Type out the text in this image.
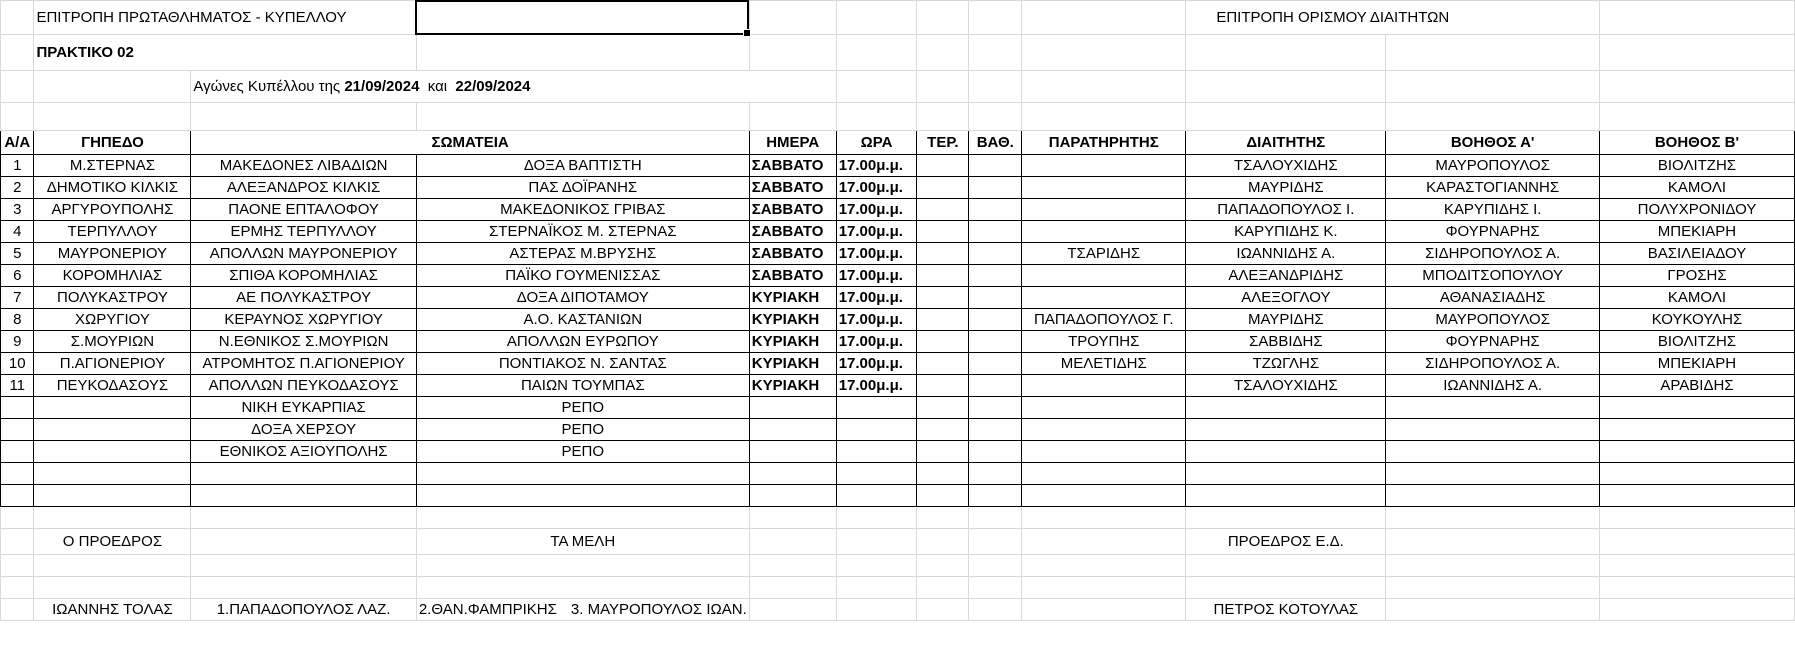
	ΕΠΙΤΡΟΠΗ ΠΡΩΤΑΘΛΗΜΑΤΟΣ - ΚΥΠΕΛΛΟΥ								ΕΠΙΤΡΟΠΗ ΟΡΙΣΜΟΥ ΔΙΑΙΤΗΤΩΝ		
	ΠΡΑΚΤΙΚΟ 02										
		Αγώνες Κυπέλλου της 21/09/2024  και  22/09/2024									

Α/Α	ΓΗΠΕΔΟ	ΣΩΜΑΤΕΙΑ		ΗΜΕΡΑ	ΩΡΑ	ΤΕΡ.	ΒΑΘ.	ΠΑΡΑΤΗΡΗΤΗΣ	ΔΙΑΙΤΗΤΗΣ	ΒΟΗΘΟΣ Α'	ΒΟΗΘΟΣ Β'
1	Μ.ΣΤΕΡΝΑΣ	ΜΑΚΕΔΟΝΕΣ ΛΙΒΑΔΙΩΝ	ΔΟΞΑ ΒΑΠΤΙΣΤΗ	ΣΑΒΒΑΤΟ	17.00μ.μ.				ΤΣΑΛΟΥΧΙΔΗΣ	ΜΑΥΡΟΠΟΥΛΟΣ	ΒΙΟΛΙΤΖΗΣ
2	ΔΗΜΟΤΙΚΟ ΚΙΛΚΙΣ	ΑΛΕΞΑΝΔΡΟΣ ΚΙΛΚΙΣ	ΠΑΣ ΔΟΪΡΑΝΗΣ	ΣΑΒΒΑΤΟ	17.00μ.μ.				ΜΑΥΡΙΔΗΣ	ΚΑΡΑΣΤΟΓΙΑΝΝΗΣ	ΚΑΜΟΛΙ
3	ΑΡΓΥΡΟΥΠΟΛΗΣ	ΠΑΟΝΕ ΕΠΤΑΛΟΦΟΥ	ΜΑΚΕΔΟΝΙΚΟΣ ΓΡΙΒΑΣ	ΣΑΒΒΑΤΟ	17.00μ.μ.				ΠΑΠΑΔΟΠΟΥΛΟΣ Ι.	ΚΑΡΥΠΙΔΗΣ Ι.	ΠΟΛΥΧΡΟΝΙΔΟΥ
4	ΤΕΡΠΥΛΛΟΥ	ΕΡΜΗΣ ΤΕΡΠΥΛΛΟΥ	ΣΤΕΡΝΑΪΚΟΣ Μ. ΣΤΕΡΝΑΣ	ΣΑΒΒΑΤΟ	17.00μ.μ.				ΚΑΡΥΠΙΔΗΣ Κ.	ΦΟΥΡΝΑΡΗΣ	ΜΠΕΚΙΑΡΗ
5	ΜΑΥΡΟΝΕΡΙΟΥ	ΑΠΟΛΛΩΝ ΜΑΥΡΟΝΕΡΙΟΥ	ΑΣΤΕΡΑΣ Μ.ΒΡΥΣΗΣ	ΣΑΒΒΑΤΟ	17.00μ.μ.			ΤΣΑΡΙΔΗΣ	ΙΩΑΝΝΙΔΗΣ Α.	ΣΙΔΗΡΟΠΟΥΛΟΣ Α.	ΒΑΣΙΛΕΙΑΔΟΥ
6	ΚΟΡΟΜΗΛΙΑΣ	ΣΠΙΘΑ ΚΟΡΟΜΗΛΙΑΣ	ΠΑΪΚΟ ΓΟΥΜΕΝΙΣΣΑΣ	ΣΑΒΒΑΤΟ	17.00μ.μ.				ΑΛΕΞΑΝΔΡΙΔΗΣ	ΜΠΟΔΙΤΣΟΠΟΥΛΟΥ	ΓΡΟΣΗΣ
7	ΠΟΛΥΚΑΣΤΡΟΥ	ΑΕ ΠΟΛΥΚΑΣΤΡΟΥ	ΔΟΞΑ ΔΙΠΟΤΑΜΟΥ	ΚΥΡΙΑΚΗ	17.00μ.μ.				ΑΛΕΞΟΓΛΟΥ	ΑΘΑΝΑΣΙΑΔΗΣ	ΚΑΜΟΛΙ
8	ΧΩΡΥΓΙΟΥ	ΚΕΡΑΥΝΟΣ ΧΩΡΥΓΙΟΥ	Α.Ο. ΚΑΣΤΑΝΙΩΝ	ΚΥΡΙΑΚΗ	17.00μ.μ.			ΠΑΠΑΔΟΠΟΥΛΟΣ Γ.	ΜΑΥΡΙΔΗΣ	ΜΑΥΡΟΠΟΥΛΟΣ	ΚΟΥΚΟΥΛΗΣ
9	Σ.ΜΟΥΡΙΩΝ	Ν.ΕΘΝΙΚΟΣ Σ.ΜΟΥΡΙΩΝ	ΑΠΟΛΛΩΝ ΕΥΡΩΠΟΥ	ΚΥΡΙΑΚΗ	17.00μ.μ.			ΤΡΟΥΠΗΣ	ΣΑΒΒΙΔΗΣ	ΦΟΥΡΝΑΡΗΣ	ΒΙΟΛΙΤΖΗΣ
10	Π.ΑΓΙΟΝΕΡΙΟΥ	ΑΤΡΟΜΗΤΟΣ Π.ΑΓΙΟΝΕΡΙΟΥ	ΠΟΝΤΙΑΚΟΣ Ν. ΣΑΝΤΑΣ	ΚΥΡΙΑΚΗ	17.00μ.μ.			ΜΕΛΕΤΙΔΗΣ	ΤΖΩΓΛΗΣ	ΣΙΔΗΡΟΠΟΥΛΟΣ Α.	ΜΠΕΚΙΑΡΗ
11	ΠΕΥΚΟΔΑΣΟΥΣ	ΑΠΟΛΛΩΝ ΠΕΥΚΟΔΑΣΟΥΣ	ΠΑΙΩΝ ΤΟΥΜΠΑΣ	ΚΥΡΙΑΚΗ	17.00μ.μ.				ΤΣΑΛΟΥΧΙΔΗΣ	ΙΩΑΝΝΙΔΗΣ Α.	ΑΡΑΒΙΔΗΣ
		ΝΙΚΗ ΕΥΚΑΡΠΙΑΣ	ΡΕΠΟ								
		ΔΟΞΑ ΧΕΡΣΟΥ	ΡΕΠΟ								
		ΕΘΝΙΚΟΣ ΑΞΙΟΥΠΟΛΗΣ	ΡΕΠΟ								

	Ο ΠΡΟΕΔΡΟΣ		ΤΑ ΜΕΛΗ						ΠΡΟΕΔΡΟΣ Ε.Δ.		

	ΙΩΑΝΝΗΣ ΤΟΛΑΣ	1.ΠΑΠΑΔΟΠΟΥΛΟΣ ΛΑΖ.	2.ΘΑΝ.ΦΑΜΠΡΙΚΗΣ 3. ΜΑΥΡΟΠΟΥΛΟΣ ΙΩΑΝ.						ΠΕΤΡΟΣ ΚΟΤΟΥΛΑΣ		
